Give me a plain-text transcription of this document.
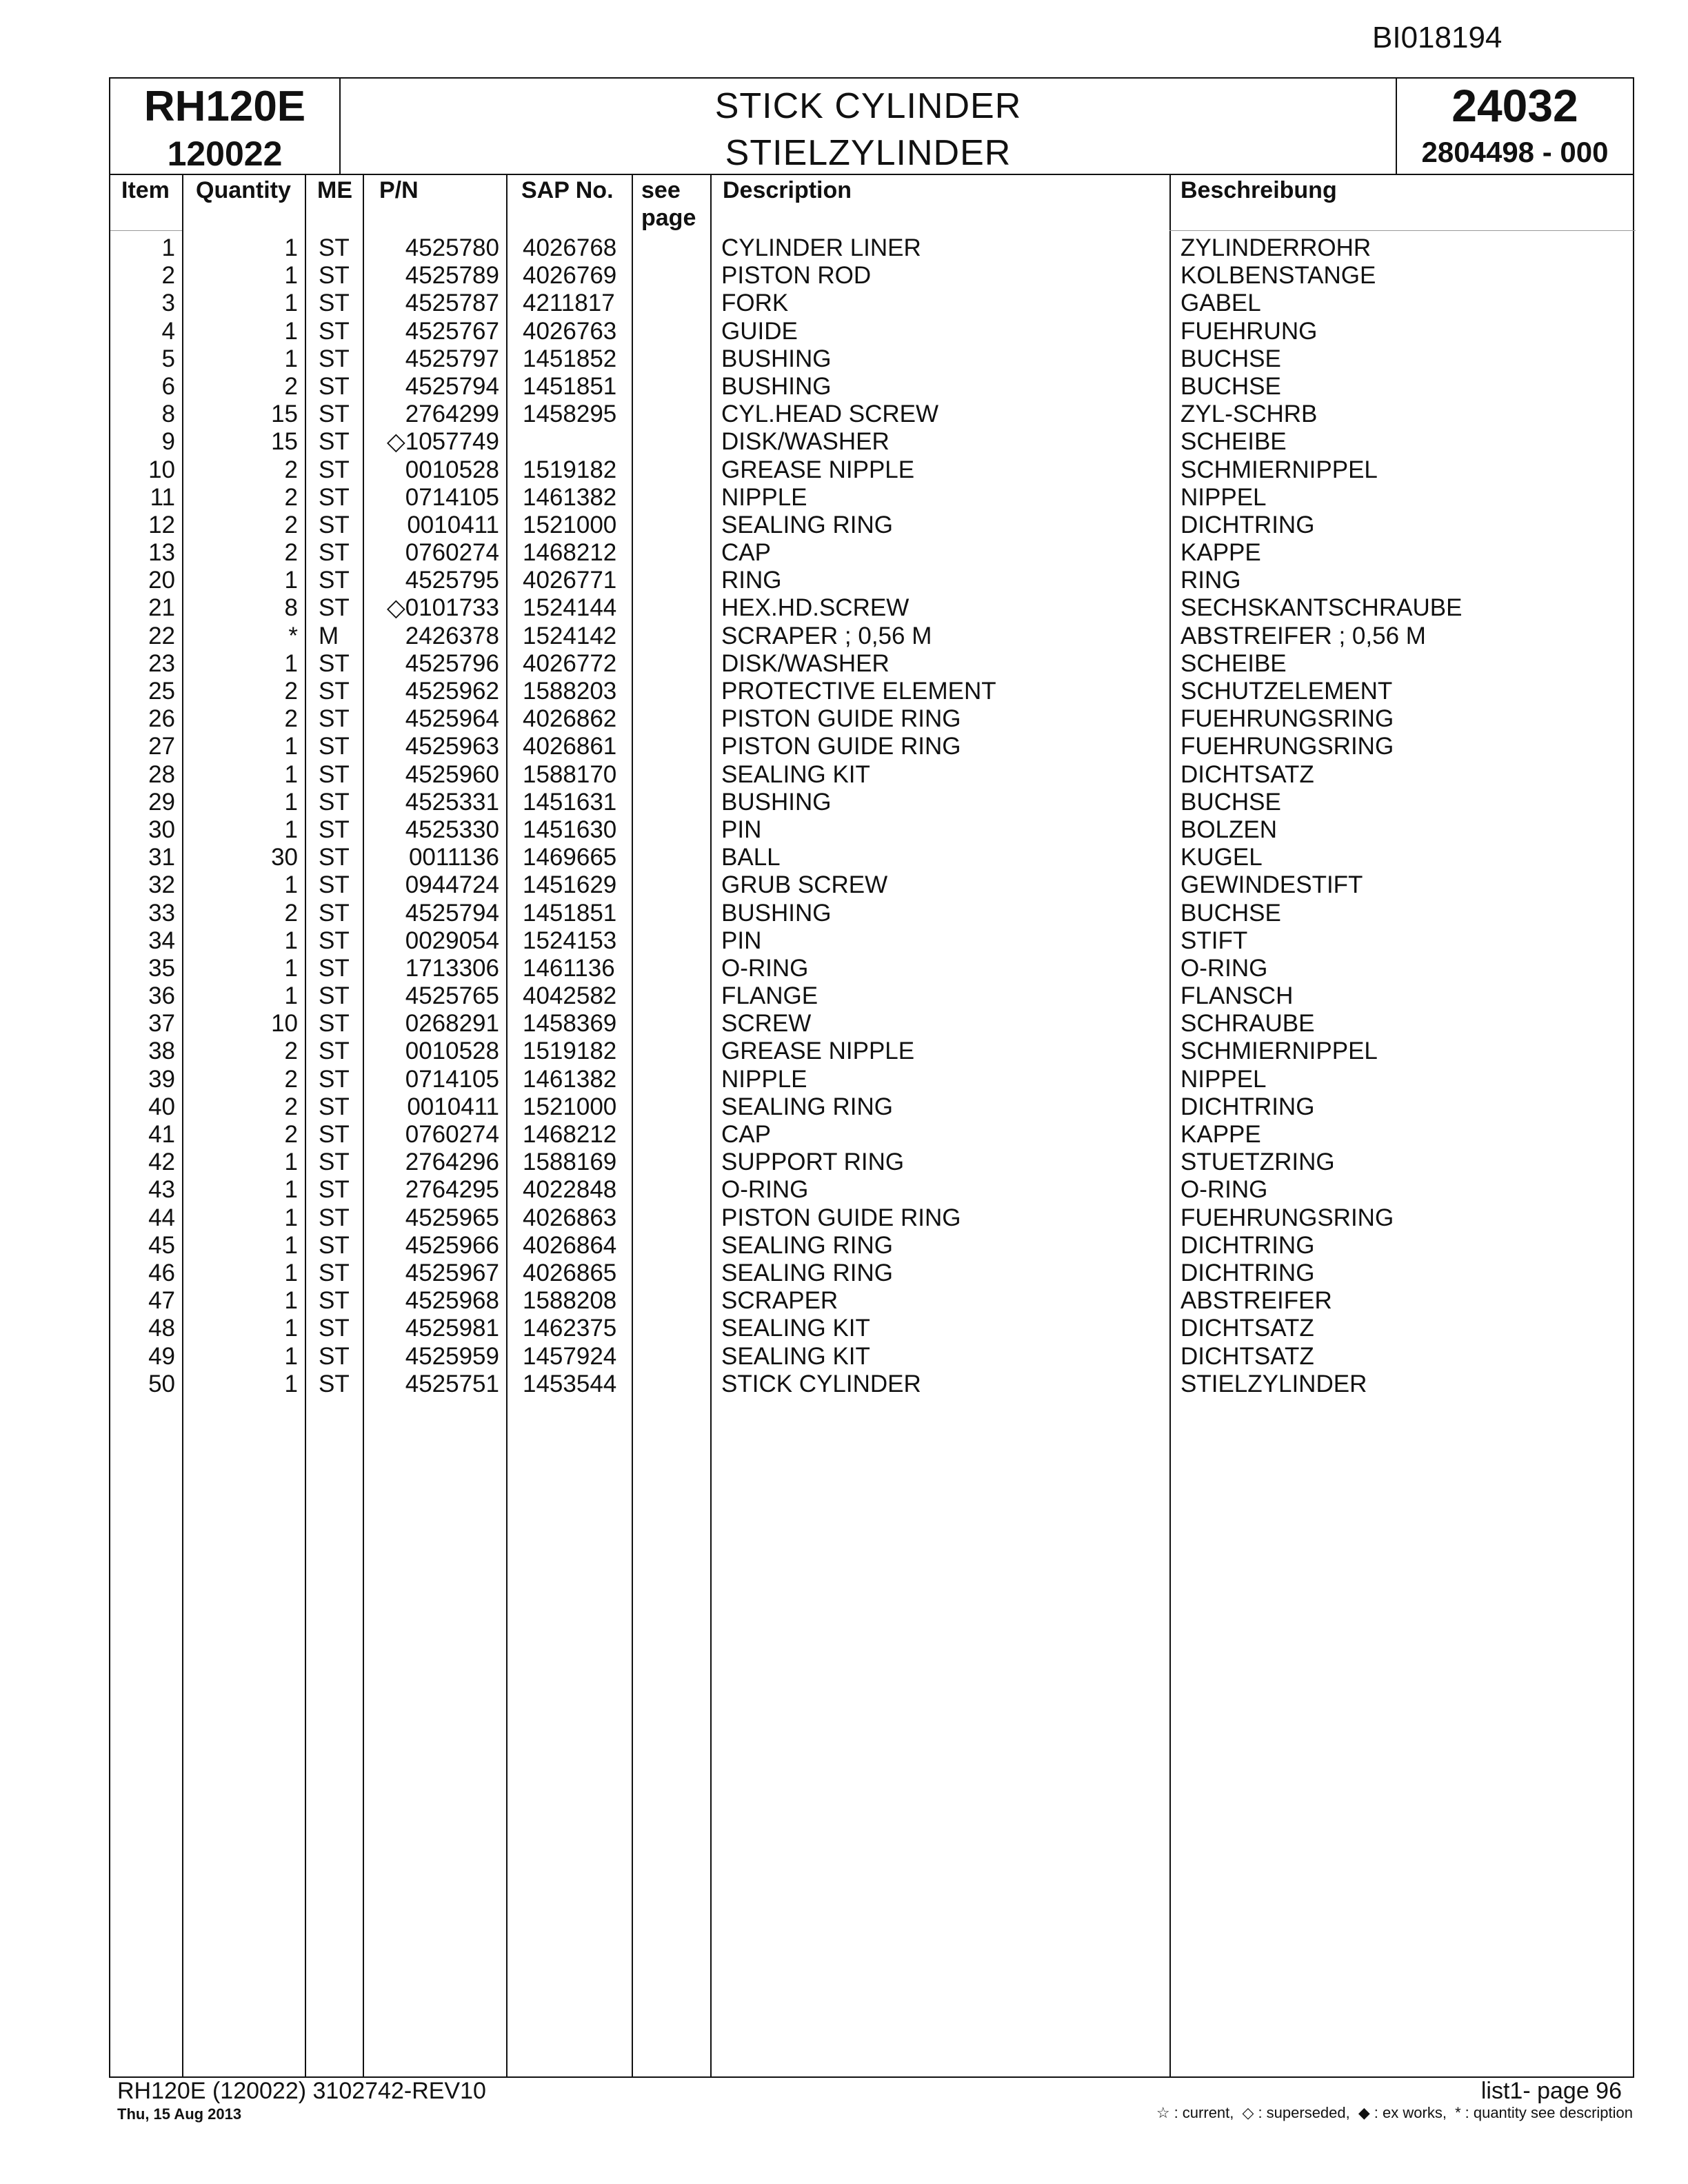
BI018194
RH120E
120022
STICK CYLINDER
STIELZYLINDER
24032
2804498 - 000
Item Quantity ME P/N	SAP No. see
page
Description	Beschreibung
1	1 ST 4525780 4026768	CYLINDER LINER	ZYLINDERROHR
2	1 ST 4525789 4026769	PISTON ROD	KOLBENSTANGE
3	1 ST 4525787 4211817	FORK	GABEL
4	1 ST 4525767 4026763	GUIDE	FUEHRUNG
5	1 ST 4525797 1451852	BUSHING	BUCHSE
6	2 ST 4525794 1451851	BUSHING	BUCHSE
8	15 ST 2764299 1458295	CYL.HEAD SCREW	ZYL-SCHRB
9	15 ST ◇1057749	DISK/WASHER	SCHEIBE
10	2 ST 0010528 1519182	GREASE NIPPLE	SCHMIERNIPPEL
11	2 ST 0714105 1461382	NIPPLE	NIPPEL
12	2 ST 0010411 1521000	SEALING RING	DICHTRING
13	2 ST 0760274 1468212	CAP	KAPPE
20	1 ST 4525795 4026771	RING	RING
21	8 ST ◇0101733 1524144	HEX.HD.SCREW	SECHSKANTSCHRAUBE
22	* M	2426378 1524142	SCRAPER ; 0,56 M	ABSTREIFER ; 0,56 M
23	1 ST 4525796 4026772	DISK/WASHER	SCHEIBE
25	2 ST 4525962 1588203	PROTECTIVE ELEMENT	SCHUTZELEMENT
26	2 ST 4525964 4026862	PISTON GUIDE RING	FUEHRUNGSRING
27	1 ST 4525963 4026861	PISTON GUIDE RING	FUEHRUNGSRING
28	1 ST 4525960 1588170	SEALING KIT	DICHTSATZ
29	1 ST 4525331 1451631	BUSHING	BUCHSE
30	1 ST 4525330 1451630	PIN	BOLZEN
31	30 ST 0011136 1469665	BALL	KUGEL
32	1 ST 0944724 1451629	GRUB SCREW	GEWINDESTIFT
33	2 ST 4525794 1451851	BUSHING	BUCHSE
34	1 ST 0029054 1524153	PIN	STIFT
35	1 ST 1713306 1461136	O-RING	O-RING
36	1 ST 4525765 4042582	FLANGE	FLANSCH
37	10 ST 0268291 1458369	SCREW	SCHRAUBE
38	2 ST 0010528 1519182	GREASE NIPPLE	SCHMIERNIPPEL
39	2 ST 0714105 1461382	NIPPLE	NIPPEL
40	2 ST 0010411 1521000	SEALING RING	DICHTRING
41	2 ST 0760274 1468212	CAP	KAPPE
42	1 ST 2764296 1588169	SUPPORT RING	STUETZRING
43	1 ST 2764295 4022848	O-RING	O-RING
44	1 ST 4525965 4026863	PISTON GUIDE RING	FUEHRUNGSRING
45	1 ST 4525966 4026864	SEALING RING	DICHTRING
46	1 ST 4525967 4026865	SEALING RING	DICHTRING
47	1 ST 4525968 1588208	SCRAPER	ABSTREIFER
48	1 ST 4525981 1462375	SEALING KIT	DICHTSATZ
49	1 ST 4525959 1457924	SEALING KIT	DICHTSATZ
50	1 ST 4525751 1453544	STICK CYLINDER	STIELZYLINDER
RH120E (120022) 3102742-REV10
Thu, 15 Aug 2013
list1- page 96
☆ : current, ◇ : superseded, ◆ : ex works, * : quantity see description
